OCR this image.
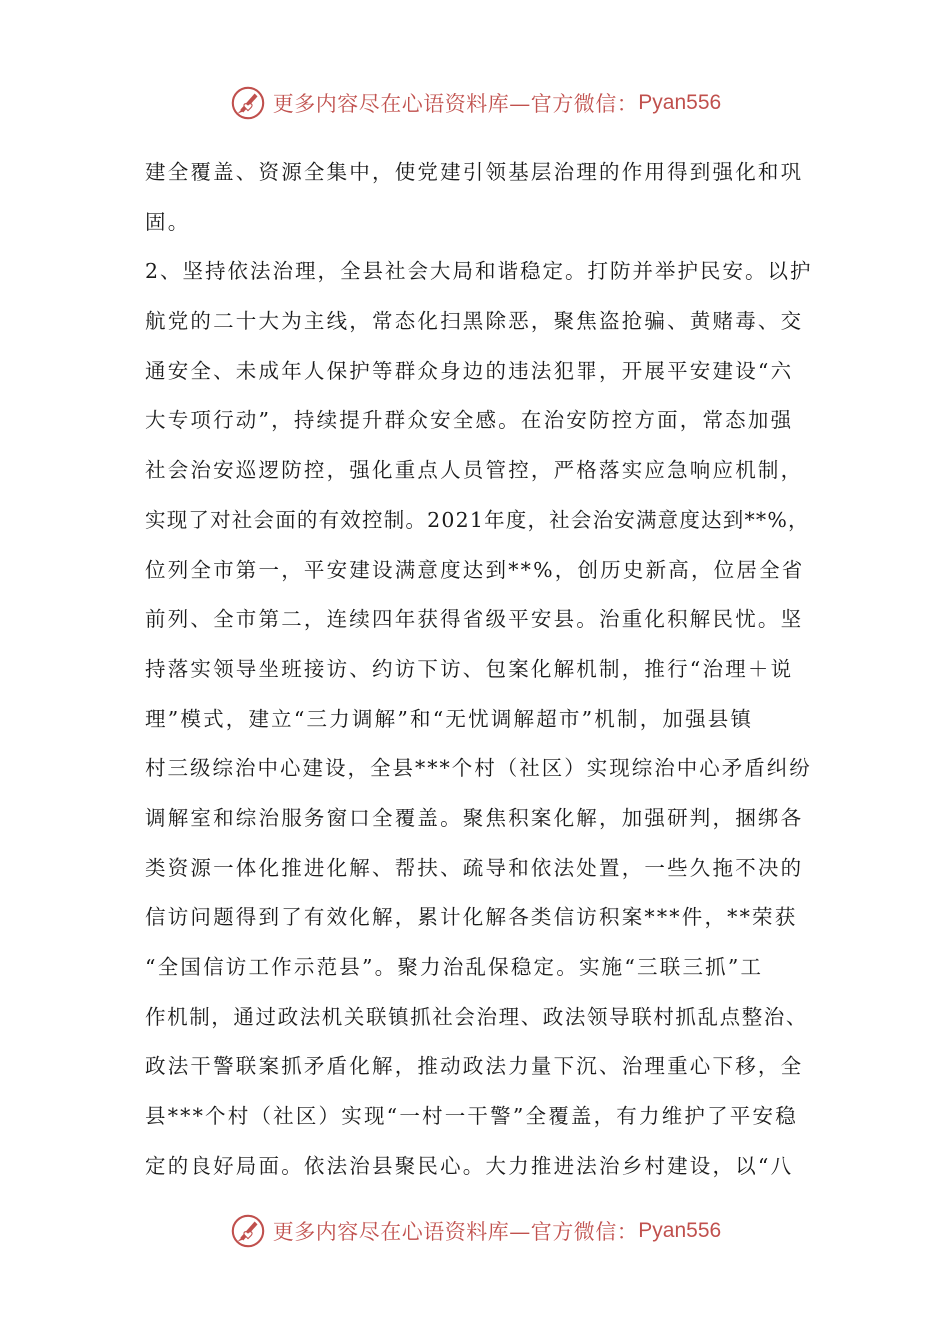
更多内容尽在心语资料库—官方微信： Pyan556
建全覆盖、资源全集中，使党建引领基层治理的作用得到强化和巩
固。
2、坚持依法治理，全县社会大局和谐稳定。打防并举护民安。以护
航党的二十大为主线，常态化扫黑除恶，聚焦盗抢骗、黄赌毒、交
通安全、未成年人保护等群众身边的违法犯罪，开展平安建设“六
大专项行动”，持续提升群众安全感。在治安防控方面，常态加强
社会治安巡逻防控，强化重点人员管控，严格落实应急响应机制，
实现了对社会面的有效控制。2021年度，社会治安满意度达到**%，
位列全市第一，平安建设满意度达到**%，创历史新高，位居全省
前列、全市第二，连续四年获得省级平安县。治重化积解民忧。坚
持落实领导坐班接访、约访下访、包案化解机制，推行“治理＋说
理”模式，建立“三力调解”和“无忧调解超市”机制，加强县镇
村三级综治中心建设，全县***个村（社区）实现综治中心矛盾纠纷
调解室和综治服务窗口全覆盖。聚焦积案化解，加强研判，捆绑各
类资源一体化推进化解、帮扶、疏导和依法处置，一些久拖不决的
信访问题得到了有效化解，累计化解各类信访积案***件，**荣获
“全国信访工作示范县”。聚力治乱保稳定。实施“三联三抓”工
作机制，通过政法机关联镇抓社会治理、政法领导联村抓乱点整治、
政法干警联案抓矛盾化解，推动政法力量下沉、治理重心下移，全
县***个村（社区）实现“一村一干警”全覆盖，有力维护了平安稳
定的良好局面。依法治县聚民心。大力推进法治乡村建设，以“八
更多内容尽在心语资料库—官方微信： Pyan556
